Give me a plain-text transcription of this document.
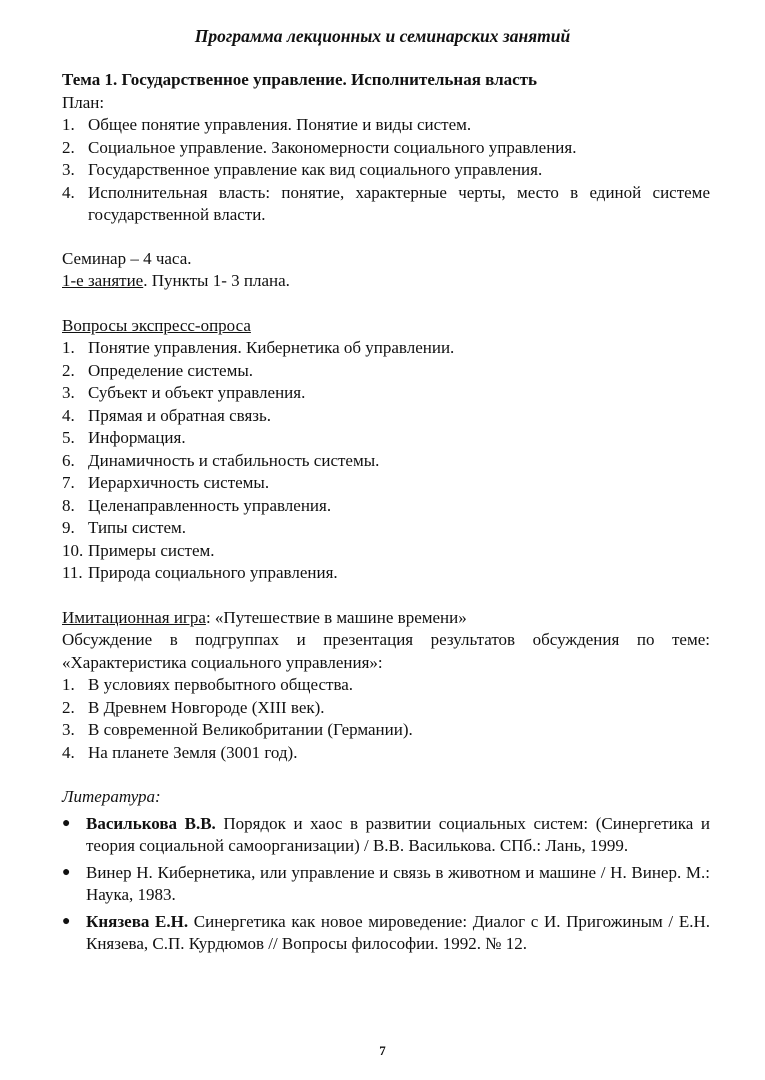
Программа лекционных и семинарских занятий
Тема 1. Государственное управление. Исполнительная власть
План:
1. Общее понятие управления. Понятие и виды систем.
2. Социальное управление. Закономерности социального управления.
3. Государственное управление как вид социального управления.
4. Исполнительная власть: понятие, характерные черты, место в единой системе государственной власти.
Семинар – 4 часа.
1-е занятие. Пункты 1- 3 плана.
Вопросы экспресс-опроса
1. Понятие управления. Кибернетика об управлении.
2. Определение системы.
3. Субъект и объект управления.
4. Прямая и обратная связь.
5. Информация.
6. Динамичность и стабильность системы.
7. Иерархичность системы.
8. Целенаправленность управления.
9. Типы систем.
10. Примеры систем.
11. Природа социального управления.
Имитационная игра: «Путешествие в машине времени»
Обсуждение в подгруппах и презентация результатов обсуждения по теме: «Характеристика социального управления»:
1. В условиях первобытного общества.
2. В Древнем Новгороде (XIII век).
3. В современной Великобритании (Германии).
4. На планете Земля (3001 год).
Литература:
● Василькова В.В. Порядок и хаос в развитии социальных систем: (Синергетика и теория социальной самоорганизации) / В.В. Василькова. СПб.: Лань, 1999.
● Винер Н. Кибернетика, или управление и связь в животном и машине / Н. Винер. М.: Наука, 1983.
● Князева Е.Н. Синергетика как новое мироведение: Диалог с И. Пригожиным / Е.Н. Князева, С.П. Курдюмов // Вопросы философии. 1992. № 12.
7
